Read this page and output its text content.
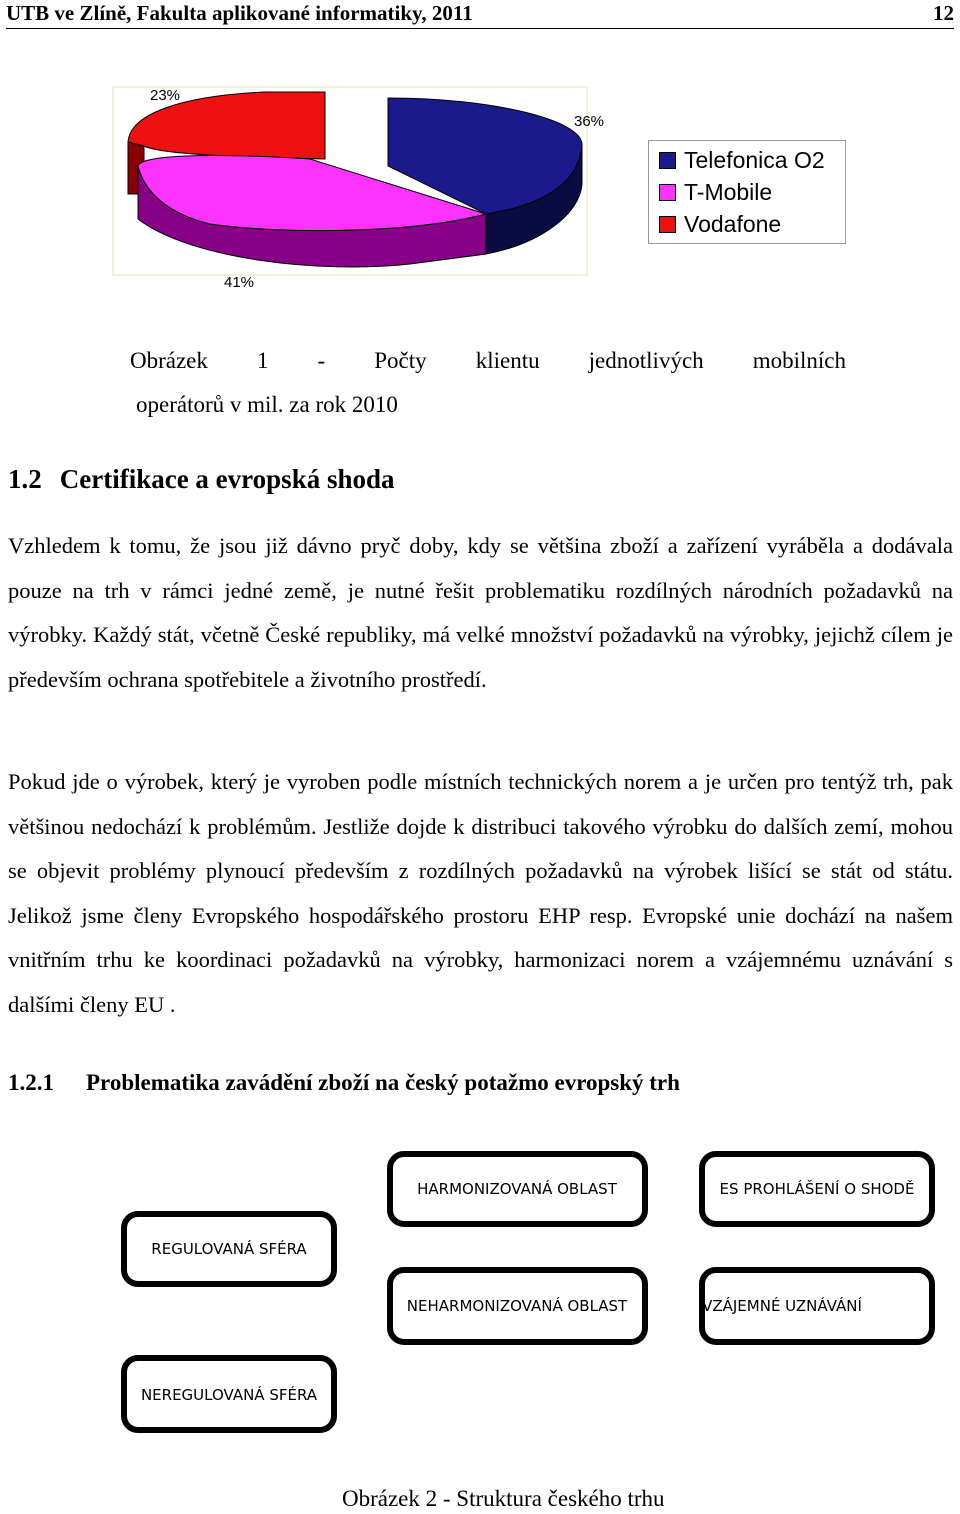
UTB ve Zlíně, Fakulta aplikované informatiky, 2011	12
23%
36%
41%
Telefonica O2
T-Mobile
Vodafone
Obrázek 1 - Počty klientu jednotlivých mobilních
operátorů v mil. za rok 2010
1.2 Certifikace a evropská shoda
Vzhledem k tomu, že jsou již dávno pryč doby, kdy se většina zboží a zařízení vyráběla a dodávala pouze na trh v rámci jedné země, je nutné řešit problematiku rozdílných národních požadavků na výrobky. Každý stát, včetně České republiky, má velké množství požadavků na výrobky, jejichž cílem je především ochrana spotřebitele a životního prostředí.
Pokud jde o výrobek, který je vyroben podle místních technických norem a je určen pro tentýž trh, pak většinou nedochází k problémům. Jestliže dojde k distribuci takového výrobku do dalších zemí, mohou se objevit problémy plynoucí především z rozdílných požadavků na výrobek lišící se stát od státu. Jelikož jsme členy Evropského hospodářského prostoru EHP resp. Evropské unie dochází na našem vnitřním trhu ke koordinaci požadavků na výrobky, harmonizaci norem a vzájemnému uznávání s dalšími členy EU .
1.2.1 Problematika zavádění zboží na český potažmo evropský trh
HARMONIZOVANÁ OBLAST	ES PROHLÁŠENÍ O SHODĚ
REGULOVANÁ SFÉRA
NEHARMONIZOVANÁ OBLAST	VZÁJEMNÉ UZNÁVÁNÍ
NEREGULOVANÁ SFÉRA
Obrázek 2 - Struktura českého trhu
